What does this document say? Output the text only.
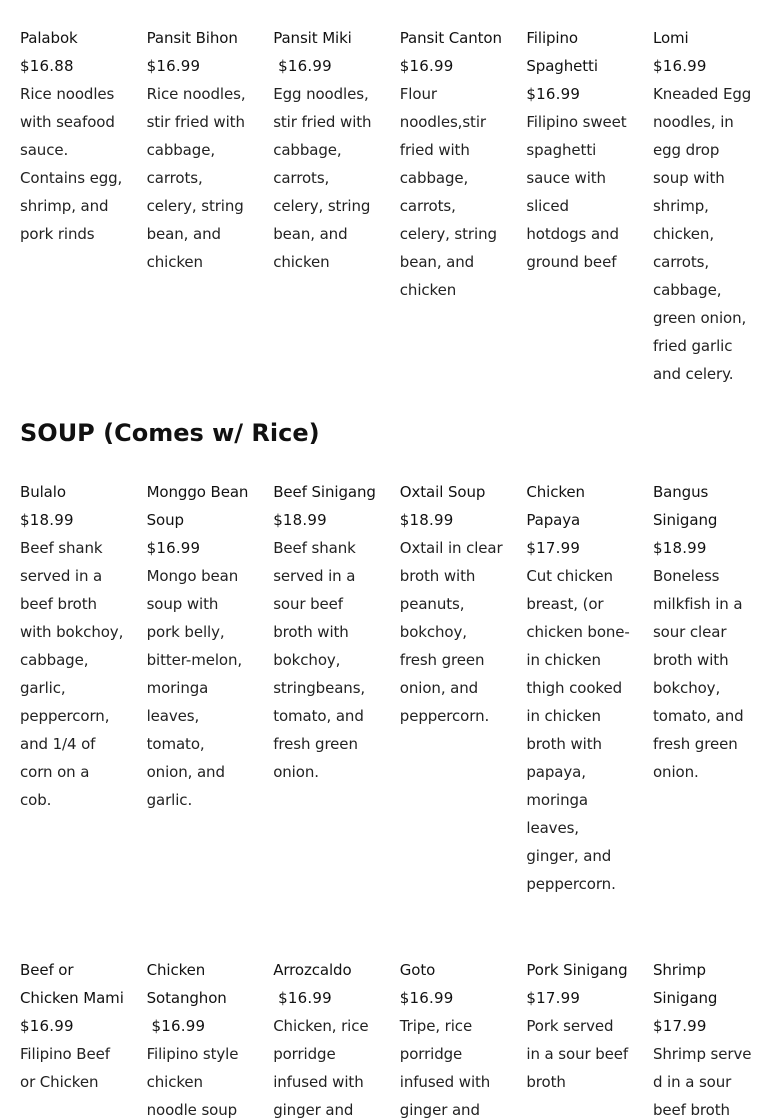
Palabok
$16.88
Rice noodles with seafood sauce. Contains egg, shrimp, and pork rinds
Pansit Bihon
$16.99
Rice noodles, stir fried with cabbage, carrots, celery, string bean, and chicken
Pansit Miki
$16.99
Egg noodles, stir fried with cabbage, carrots, celery, string bean, and chicken
Pansit Canton
$16.99
Flour noodles,stir fried with cabbage, carrots, celery, string bean, and chicken
Filipino Spaghetti
$16.99
Filipino sweet spaghetti sauce with sliced hotdogs and ground beef
Lomi
$16.99
Kneaded Egg noodles, in egg drop soup with shrimp, chicken, carrots, cabbage, green onion, fried garlic and celery.
SOUP (Comes w/ Rice)
Bulalo
$18.99
Beef shank served in a beef broth with bokchoy, cabbage, garlic, peppercorn, and 1/4 of corn on a cob.
Monggo Bean Soup
$16.99
Mongo bean soup with pork belly, bitter-melon, moringa leaves, tomato, onion, and garlic.
Beef Sinigang
$18.99
Beef shank served in a sour beef broth with bokchoy, stringbeans, tomato, and fresh green onion.
Oxtail Soup
$18.99
Oxtail in clear broth with peanuts, bokchoy, fresh green onion, and peppercorn.
Chicken Papaya
$17.99
Cut chicken breast, (or chicken bone-in chicken thigh cooked in chicken broth with papaya, moringa leaves, ginger, and peppercorn.
Bangus Sinigang
$18.99
Boneless milkfish in a sour clear broth with bokchoy, tomato, and fresh green onion.
Beef or Chicken Mami
$16.99
Filipino Beef or Chicken
Chicken Sotanghon
$16.99
Filipino style chicken noodle soup
Arrozcaldo
$16.99
Chicken, rice porridge infused with ginger and
Goto
$16.99
Tripe, rice porridge infused with ginger and
Pork Sinigang
$17.99
Pork served in a sour beef broth
Shrimp Sinigang
$17.99
Shrimp serve d in a sour beef broth
